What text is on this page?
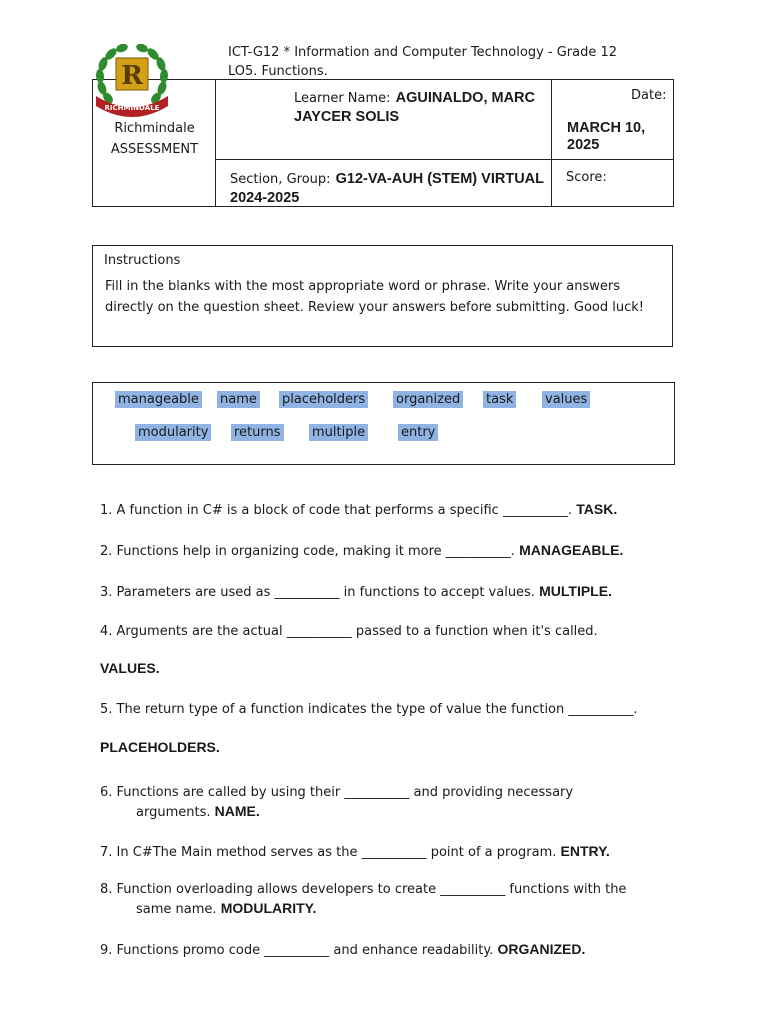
ICT-G12 * Information and Computer Technology - Grade 12
LO5. Functions.
Richmindale
ASSESSMENT
Learner Name: AGUINALDO, MARC JAYCER SOLIS
Section, Group: G12-VA-AUH (STEM) VIRTUAL 2024-2025
Date:
MARCH 10, 2025
Score:
R
RICHMINDALE
Instructions
Fill in the blanks with the most appropriate word or phrase. Write your answers directly on the question sheet. Review your answers before submitting. Good luck!
manageable name placeholders organized task values
modularity returns multiple	entry
1. A function in C# is a block of code that performs a specific __________. TASK.
2. Functions help in organizing code, making it more __________. MANAGEABLE.
3. Parameters are used as __________ in functions to accept values. MULTIPLE.
4. Arguments are the actual __________ passed to a function when it's called.
VALUES.
5. The return type of a function indicates the type of value the function __________.
PLACEHOLDERS.
6. Functions are called by using their __________ and providing necessary
arguments. NAME.
7. In C#The Main method serves as the __________ point of a program. ENTRY.
8. Function overloading allows developers to create __________ functions with the
same name. MODULARITY.
9. Functions promo code __________ and enhance readability. ORGANIZED.
